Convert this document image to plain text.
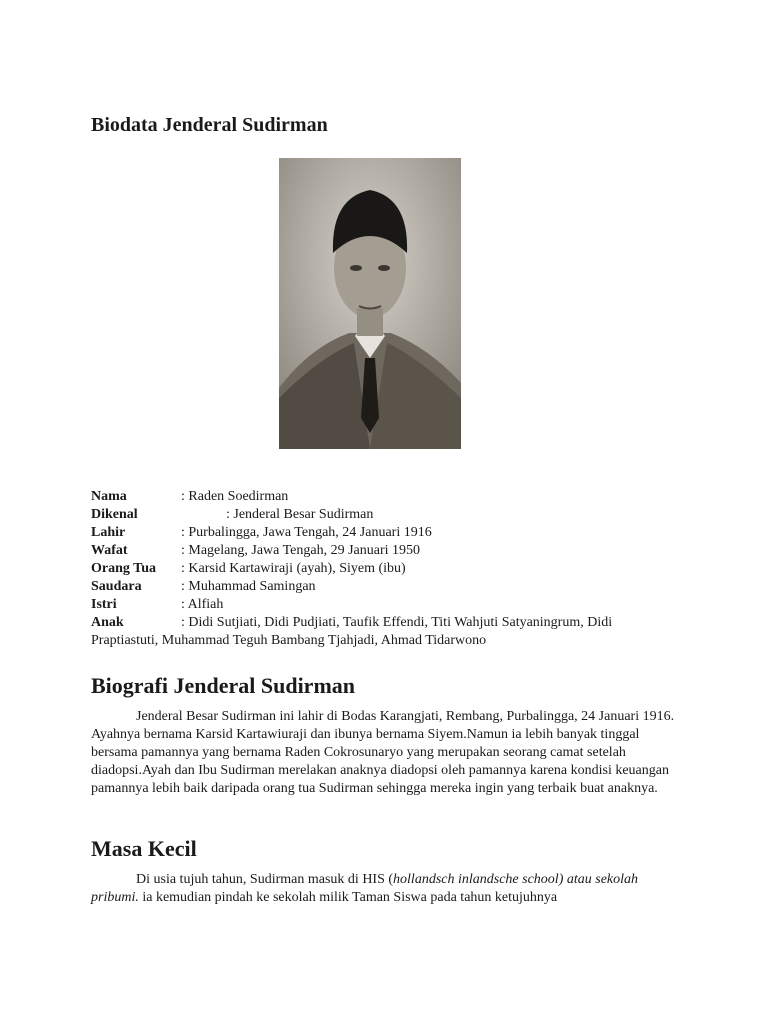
Biodata Jenderal Sudirman
Nama	: Raden Soedirman
Dikenal	: Jenderal Besar Sudirman
Lahir	: Purbalingga, Jawa Tengah, 24 Januari 1916
Wafat	: Magelang, Jawa Tengah, 29 Januari 1950
Orang Tua	: Karsid Kartawiraji (ayah), Siyem (ibu)
Saudara	: Muhammad Samingan
Istri	: Alfiah
Anak	: Didi Sutjiati, Didi Pudjiati, Taufik Effendi, Titi Wahjuti Satyaningrum, Didi
Praptiastuti, Muhammad Teguh Bambang Tjahjadi, Ahmad Tidarwono
Biografi Jenderal Sudirman

Jenderal Besar Sudirman ini lahir di Bodas Karangjati, Rembang, Purbalingga, 24 Januari 1916. Ayahnya bernama Karsid Kartawiuraji dan ibunya bernama Siyem.Namun ia lebih banyak tinggal bersama pamannya yang bernama Raden Cokrosunaryo yang merupakan seorang camat setelah diadopsi.Ayah dan Ibu Sudirman merelakan anaknya diadopsi oleh pamannya karena kondisi keuangan pamannya lebih baik daripada orang tua Sudirman sehingga mereka ingin yang terbaik buat anaknya.

Masa Kecil

Di usia tujuh tahun, Sudirman masuk di HIS (hollandsch inlandsche school) atau sekolah pribumi. ia kemudian pindah ke sekolah milik Taman Siswa pada tahun ketujuhnya
